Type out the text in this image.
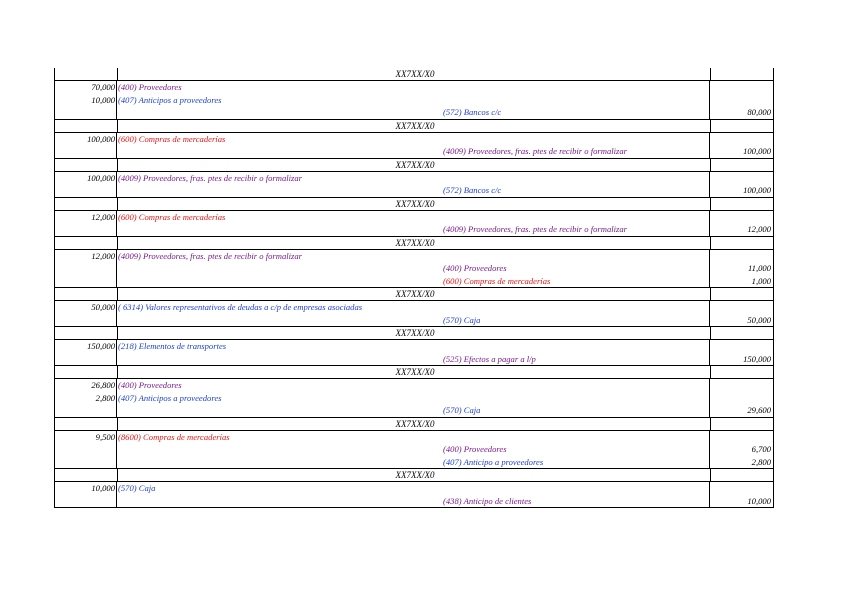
XX7XX/X0
70,000 (400) Proveedores
10,000 (407) Anticipos a proveedores
(572) Bancos c/c	80,000
XX7XX/X0
100,000 (600) Compras de mercaderías
(4009) Proveedores, fras. ptes de recibir o formalizar	100,000
XX7XX/X0
100,000 (4009) Proveedores, fras. ptes de recibir o formalizar
(572) Bancos c/c	100,000
XX7XX/X0
12,000 (600) Compras de mercaderías
(4009) Proveedores, fras. ptes de recibir o formalizar	12,000
XX7XX/X0
12,000 (4009) Proveedores, fras. ptes de recibir o formalizar
(400) Proveedores	11,000
(600) Compras de mercaderías	1,000
XX7XX/X0
50,000 ( 6314) Valores representativos de deudas a c/p de empresas asociadas
(570) Caja	50,000
XX7XX/X0
150,000 (218) Elementos de transportes
(525) Efectos a pagar a l/p	150,000
XX7XX/X0
26,800 (400) Proveedores
2,800 (407) Anticipos a proveedores
(570) Caja	29,600
XX7XX/X0
9,500 (8600) Compras de mercaderías
(400) Proveedores	6,700
(407) Anticipo a proveedores	2,800
XX7XX/X0
10,000 (570) Caja
(438) Anticipo de clientes	10,000
